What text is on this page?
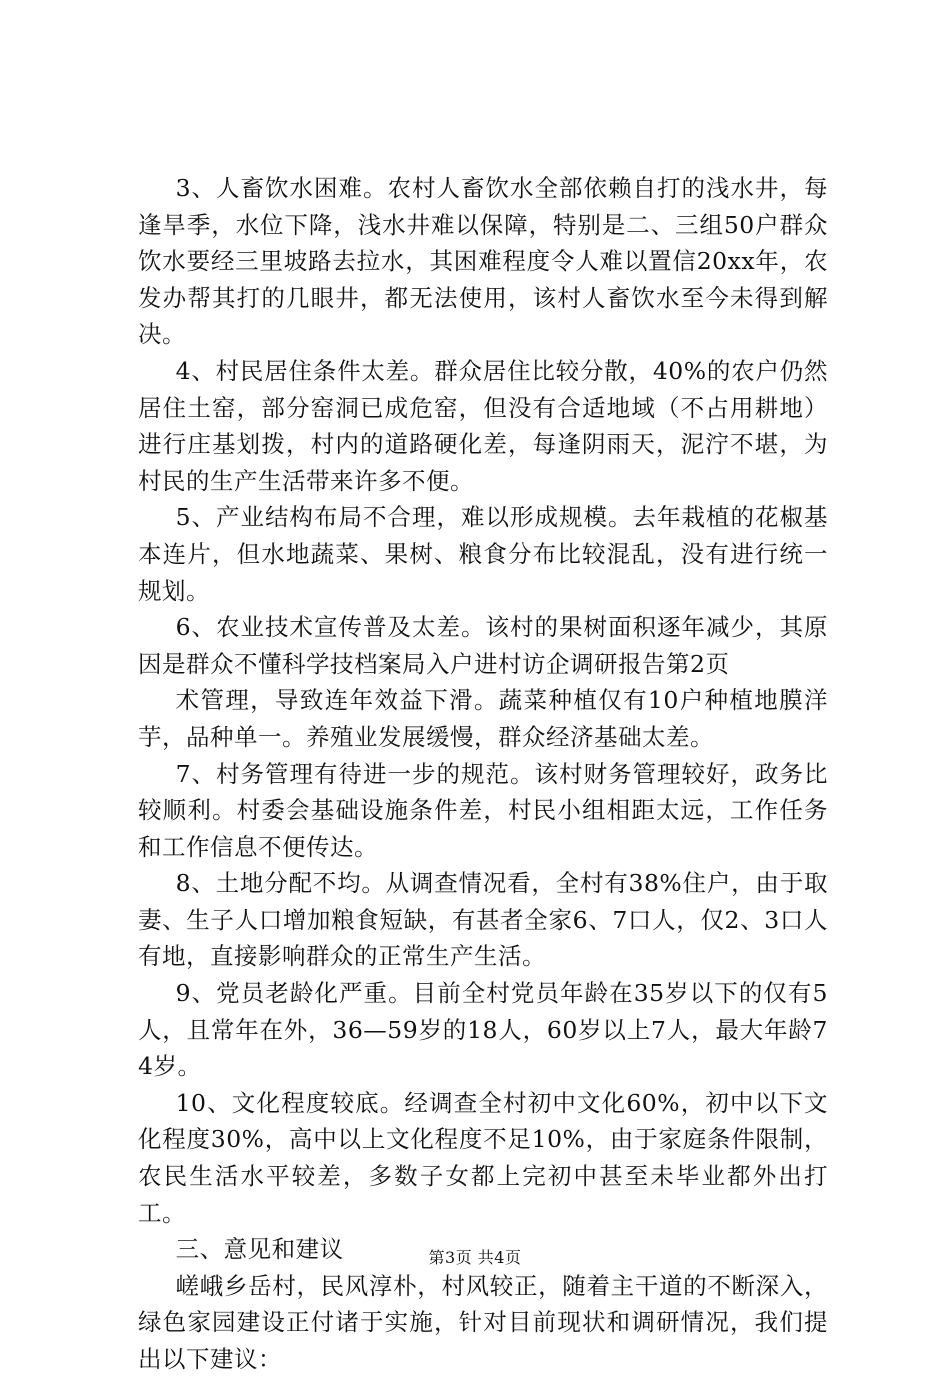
3、人畜饮水困难。农村人畜饮水全部依赖自打的浅水井，每逢旱季，水位下降，浅水井难以保障，特别是二、三组50户群众饮水要经三里坡路去拉水，其困难程度令人难以置信20xx年，农发办帮其打的几眼井，都无法使用，该村人畜饮水至今未得到解决。

4、村民居住条件太差。群众居住比较分散，40%的农户仍然居住土窑，部分窑洞已成危窑，但没有合适地域（不占用耕地）进行庄基划拨，村内的道路硬化差，每逢阴雨天，泥泞不堪，为村民的生产生活带来许多不便。

5、产业结构布局不合理，难以形成规模。去年栽植的花椒基本连片，但水地蔬菜、果树、粮食分布比较混乱，没有进行统一规划。

6、农业技术宣传普及太差。该村的果树面积逐年减少，其原因是群众不懂科学技档案局入户进村访企调研报告第2页

术管理，导致连年效益下滑。蔬菜种植仅有10户种植地膜洋芋，品种单一。养殖业发展缓慢，群众经济基础太差。

7、村务管理有待进一步的规范。该村财务管理较好，政务比较顺利。村委会基础设施条件差，村民小组相距太远，工作任务和工作信息不便传达。

8、土地分配不均。从调查情况看，全村有38%住户，由于取妻、生子人口增加粮食短缺，有甚者全家6、7口人，仅2、3口人有地，直接影响群众的正常生产生活。

9、党员老龄化严重。目前全村党员年龄在35岁以下的仅有5人，且常年在外，36—59岁的18人，60岁以上7人，最大年龄74岁。

10、文化程度较底。经调查全村初中文化60%，初中以下文化程度30%，高中以上文化程度不足10%，由于家庭条件限制，农民生活水平较差，多数子女都上完初中甚至未毕业都外出打工。

三、意见和建议

嵯峨乡岳村，民风淳朴，村风较正，随着主干道的不断深入，绿色家园建设正付诸于实施，针对目前现状和调研情况，我们提出以下建议：

第3页 共4页
